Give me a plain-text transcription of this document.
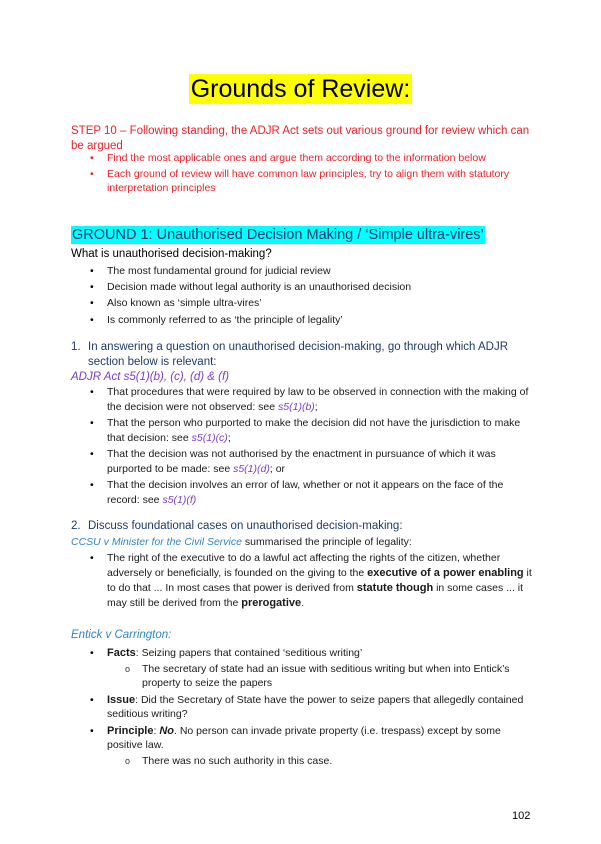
Grounds of Review:
STEP 10 – Following standing, the ADJR Act sets out various ground for review which can be argued
• Find the most applicable ones and argue them according to the information below
• Each ground of review will have common law principles, try to align them with statutory interpretation principles
GROUND 1: Unauthorised Decision Making / ‘Simple ultra-vires’
What is unauthorised decision-making?
• The most fundamental ground for judicial review
• Decision made without legal authority is an unauthorised decision
• Also known as ‘simple ultra-vires’
• Is commonly referred to as ‘the principle of legality’
1. In answering a question on unauthorised decision-making, go through which ADJR section below is relevant:
ADJR Act s5(1)(b), (c), (d) & (f)
• That procedures that were required by law to be observed in connection with the making of the decision were not observed: see s5(1)(b);
• That the person who purported to make the decision did not have the jurisdiction to make that decision: see s5(1)(c);
• That the decision was not authorised by the enactment in pursuance of which it was purported to be made: see s5(1)(d); or
• That the decision involves an error of law, whether or not it appears on the face of the record: see s5(1)(f)
2. Discuss foundational cases on unauthorised decision-making:
CCSU v Minister for the Civil Service summarised the principle of legality:
• The right of the executive to do a lawful act affecting the rights of the citizen, whether adversely or beneficially, is founded on the giving to the executive of a power enabling it to do that ... In most cases that power is derived from statute though in some cases ... it may still be derived from the prerogative.
Entick v Carrington:
• Facts: Seizing papers that contained ‘seditious writing’
o The secretary of state had an issue with seditious writing but when into Entick’s property to seize the papers
• Issue: Did the Secretary of State have the power to seize papers that allegedly contained seditious writing?
• Principle: No. No person can invade private property (i.e. trespass) except by some positive law.
o There was no such authority in this case.
102
